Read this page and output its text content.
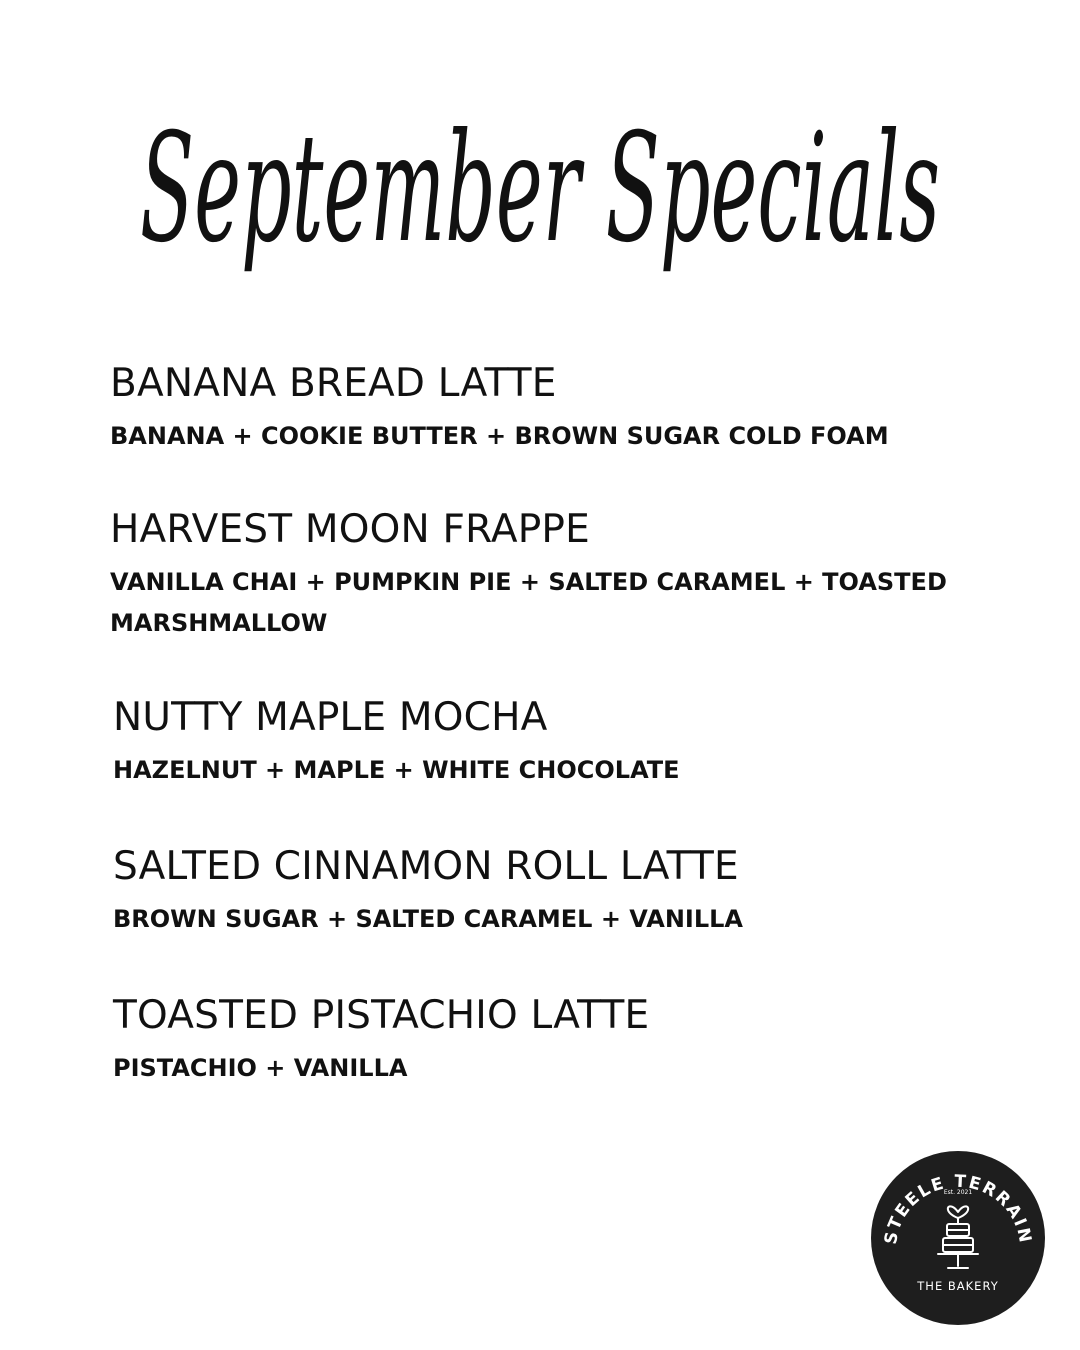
September Specials
BANANA BREAD LATTE

BANANA + COOKIE BUTTER + BROWN SUGAR COLD FOAM

HARVEST MOON FRAPPE

VANILLA CHAI + PUMPKIN PIE + SALTED CARAMEL + TOASTED MARSHMALLOW

NUTTY MAPLE MOCHA

HAZELNUT + MAPLE + WHITE CHOCOLATE

SALTED CINNAMON ROLL LATTE

BROWN SUGAR + SALTED CARAMEL + VANILLA

TOASTED PISTACHIO LATTE

PISTACHIO + VANILLA

STEELE TERRAIN
Est. 2021
THE BAKERY
